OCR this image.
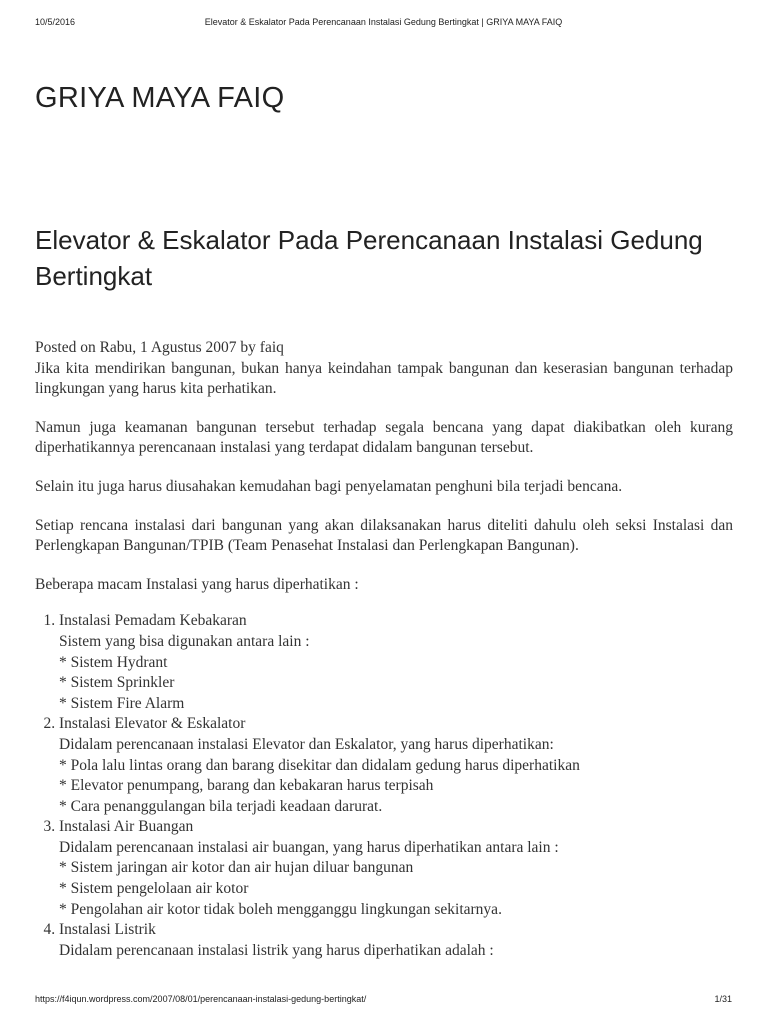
10/5/2016	Elevator & Eskalator Pada Perencanaan Instalasi Gedung Bertingkat | GRIYA MAYA FAIQ
GRIYA MAYA FAIQ
Elevator & Eskalator Pada Perencanaan Instalasi Gedung Bertingkat
Posted on Rabu, 1 Agustus 2007 by faiq

Jika kita mendirikan bangunan, bukan hanya keindahan tampak bangunan dan keserasian bangunan terhadap lingkungan yang harus kita perhatikan.

Namun juga keamanan bangunan tersebut terhadap segala bencana yang dapat diakibatkan oleh kurang diperhatikannya perencanaan instalasi yang terdapat didalam bangunan tersebut.

Selain itu juga harus diusahakan kemudahan bagi penyelamatan penghuni bila terjadi bencana.

Setiap rencana instalasi dari bangunan yang akan dilaksanakan harus diteliti dahulu oleh seksi Instalasi dan Perlengkapan Bangunan/TPIB (Team Penasehat Instalasi dan Perlengkapan Bangunan).

Beberapa macam Instalasi yang harus diperhatikan :

1. Instalasi Pemadam Kebakaran
Sistem yang bisa digunakan antara lain :
* Sistem Hydrant
* Sistem Sprinkler
* Sistem Fire Alarm
2. Instalasi Elevator & Eskalator
Didalam perencanaan instalasi Elevator dan Eskalator, yang harus diperhatikan:
* Pola lalu lintas orang dan barang disekitar dan didalam gedung harus diperhatikan
* Elevator penumpang, barang dan kebakaran harus terpisah
* Cara penanggulangan bila terjadi keadaan darurat.
3. Instalasi Air Buangan
Didalam perencanaan instalasi air buangan, yang harus diperhatikan antara lain :
* Sistem jaringan air kotor dan air hujan diluar bangunan
* Sistem pengelolaan air kotor
* Pengolahan air kotor tidak boleh mengganggu lingkungan sekitarnya.
4. Instalasi Listrik
Didalam perencanaan instalasi listrik yang harus diperhatikan adalah :
https://f4iqun.wordpress.com/2007/08/01/perencanaan-instalasi-gedung-bertingkat/	1/31
